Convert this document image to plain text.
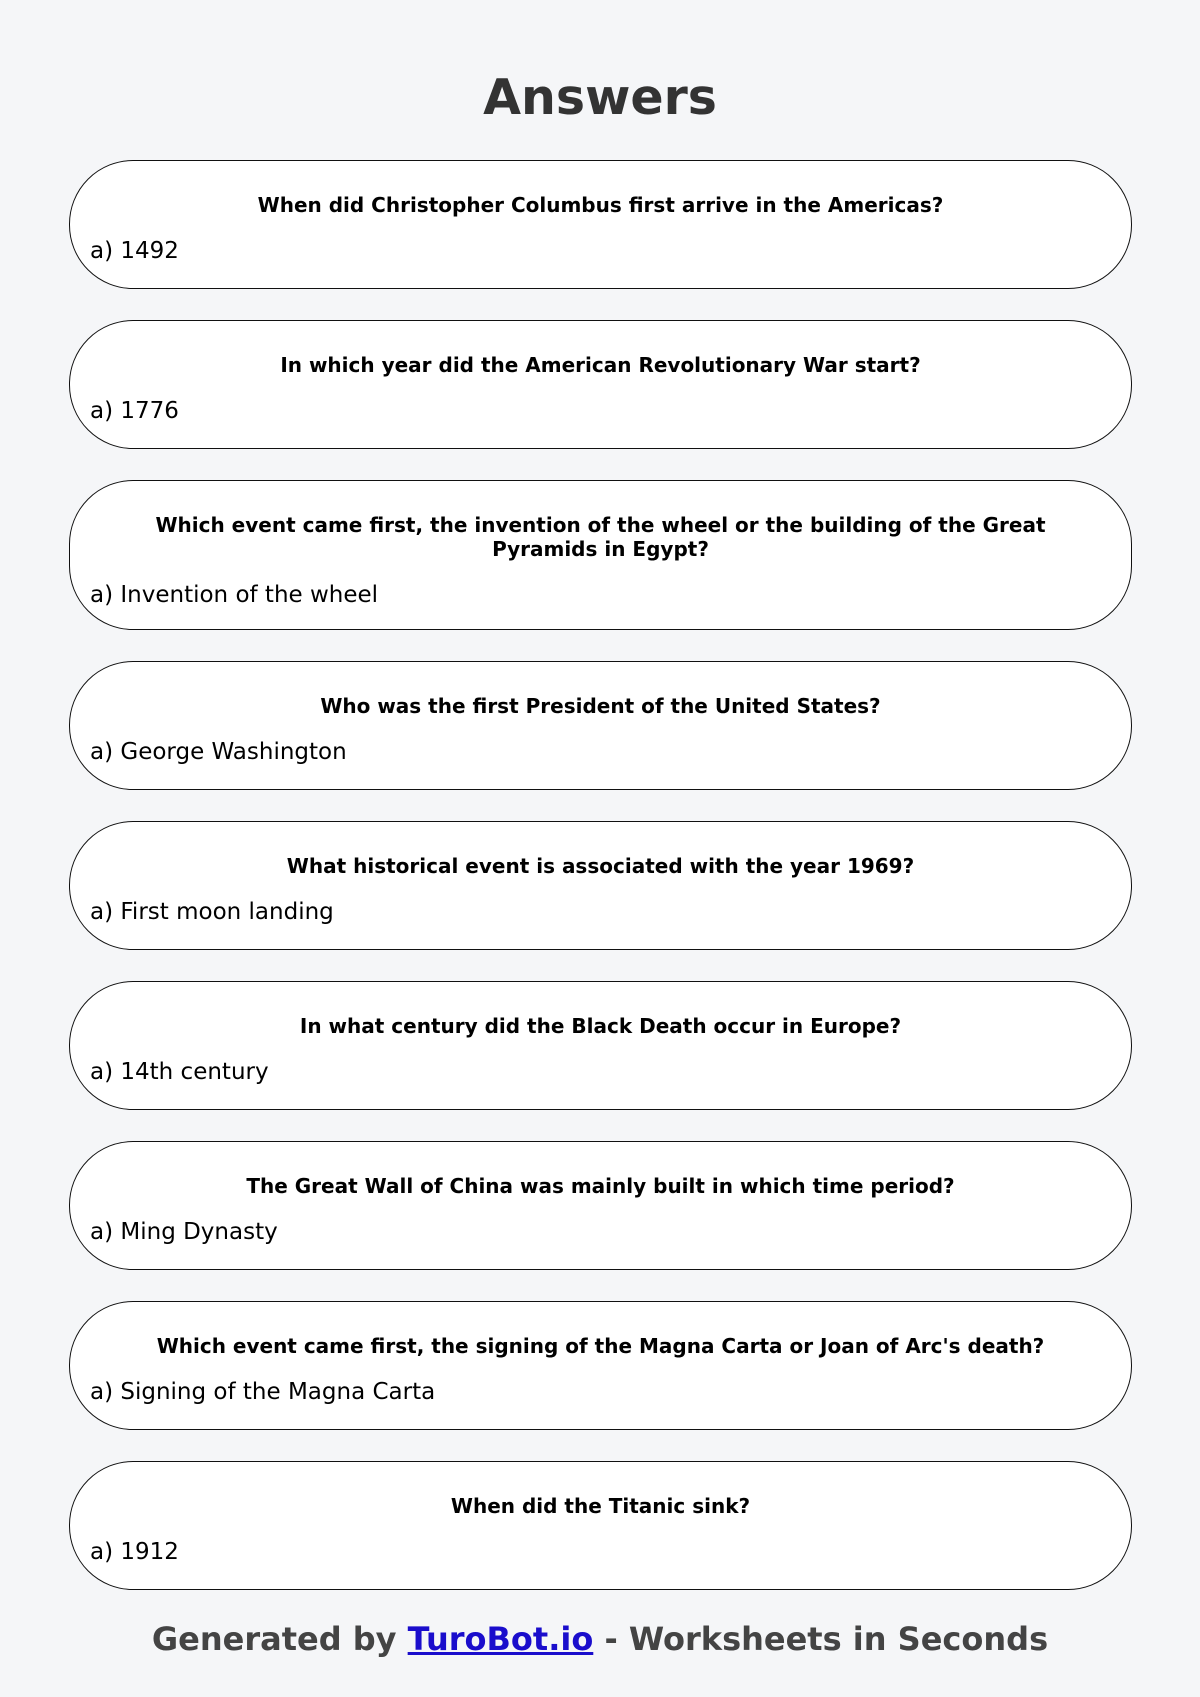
Answers
When did Christopher Columbus first arrive in the Americas?
a) 1492
In which year did the American Revolutionary War start?
a) 1776
Which event came first, the invention of the wheel or the building of the Great Pyramids in Egypt?
a) Invention of the wheel
Who was the first President of the United States?
a) George Washington
What historical event is associated with the year 1969?
a) First moon landing
In what century did the Black Death occur in Europe?
a) 14th century
The Great Wall of China was mainly built in which time period?
a) Ming Dynasty
Which event came first, the signing of the Magna Carta or Joan of Arc's death?
a) Signing of the Magna Carta
When did the Titanic sink?
a) 1912
Generated by TuroBot.io - Worksheets in Seconds
